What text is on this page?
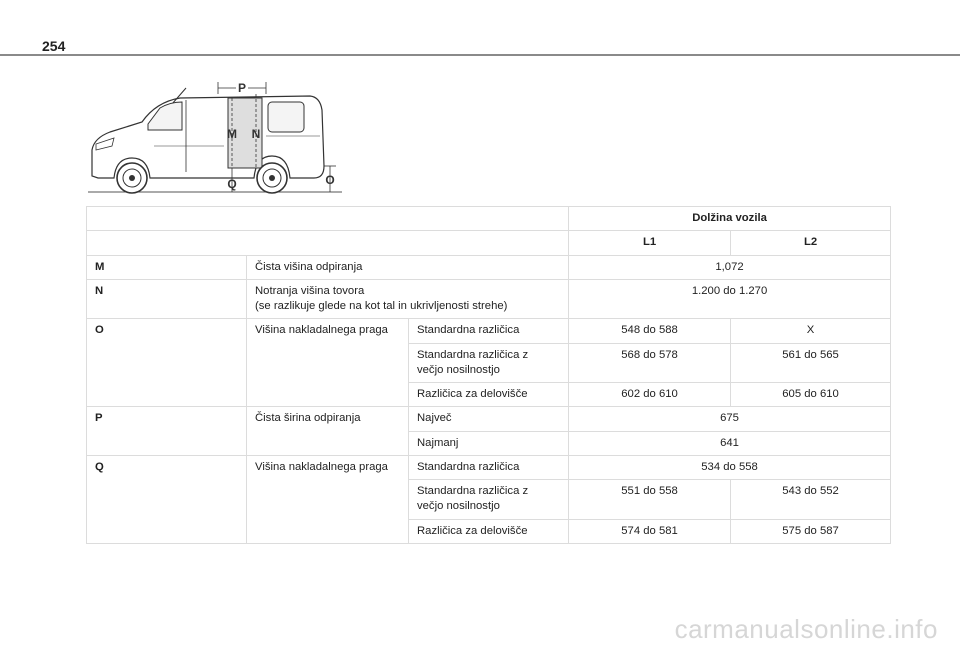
254
P
M N
Q	O
			Dolžina vozila	
			L1	L2
M	Čista višina odpiranja		1,072	
N	Notranja višina tovora
(se razlikuje glede na kot tal in ukrivljenosti strehe)		1.200 do 1.270	
O	Višina nakladalnega praga	Standardna različica	548 do 588	X

		Standardna različica z
večjo nosilnostjo	568 do 578	561 do 565
		Različica za delovišče	602 do 610	605 do 610
P	Čista širina odpiranja	Največ	675	
		Najmanj	641	
Q	Višina nakladalnega praga	Standardna različica	534 do 558	

		Standardna različica z
večjo nosilnostjo	551 do 558	543 do 552
		Različica za delovišče	574 do 581	575 do 587
carmanualsonline.info
